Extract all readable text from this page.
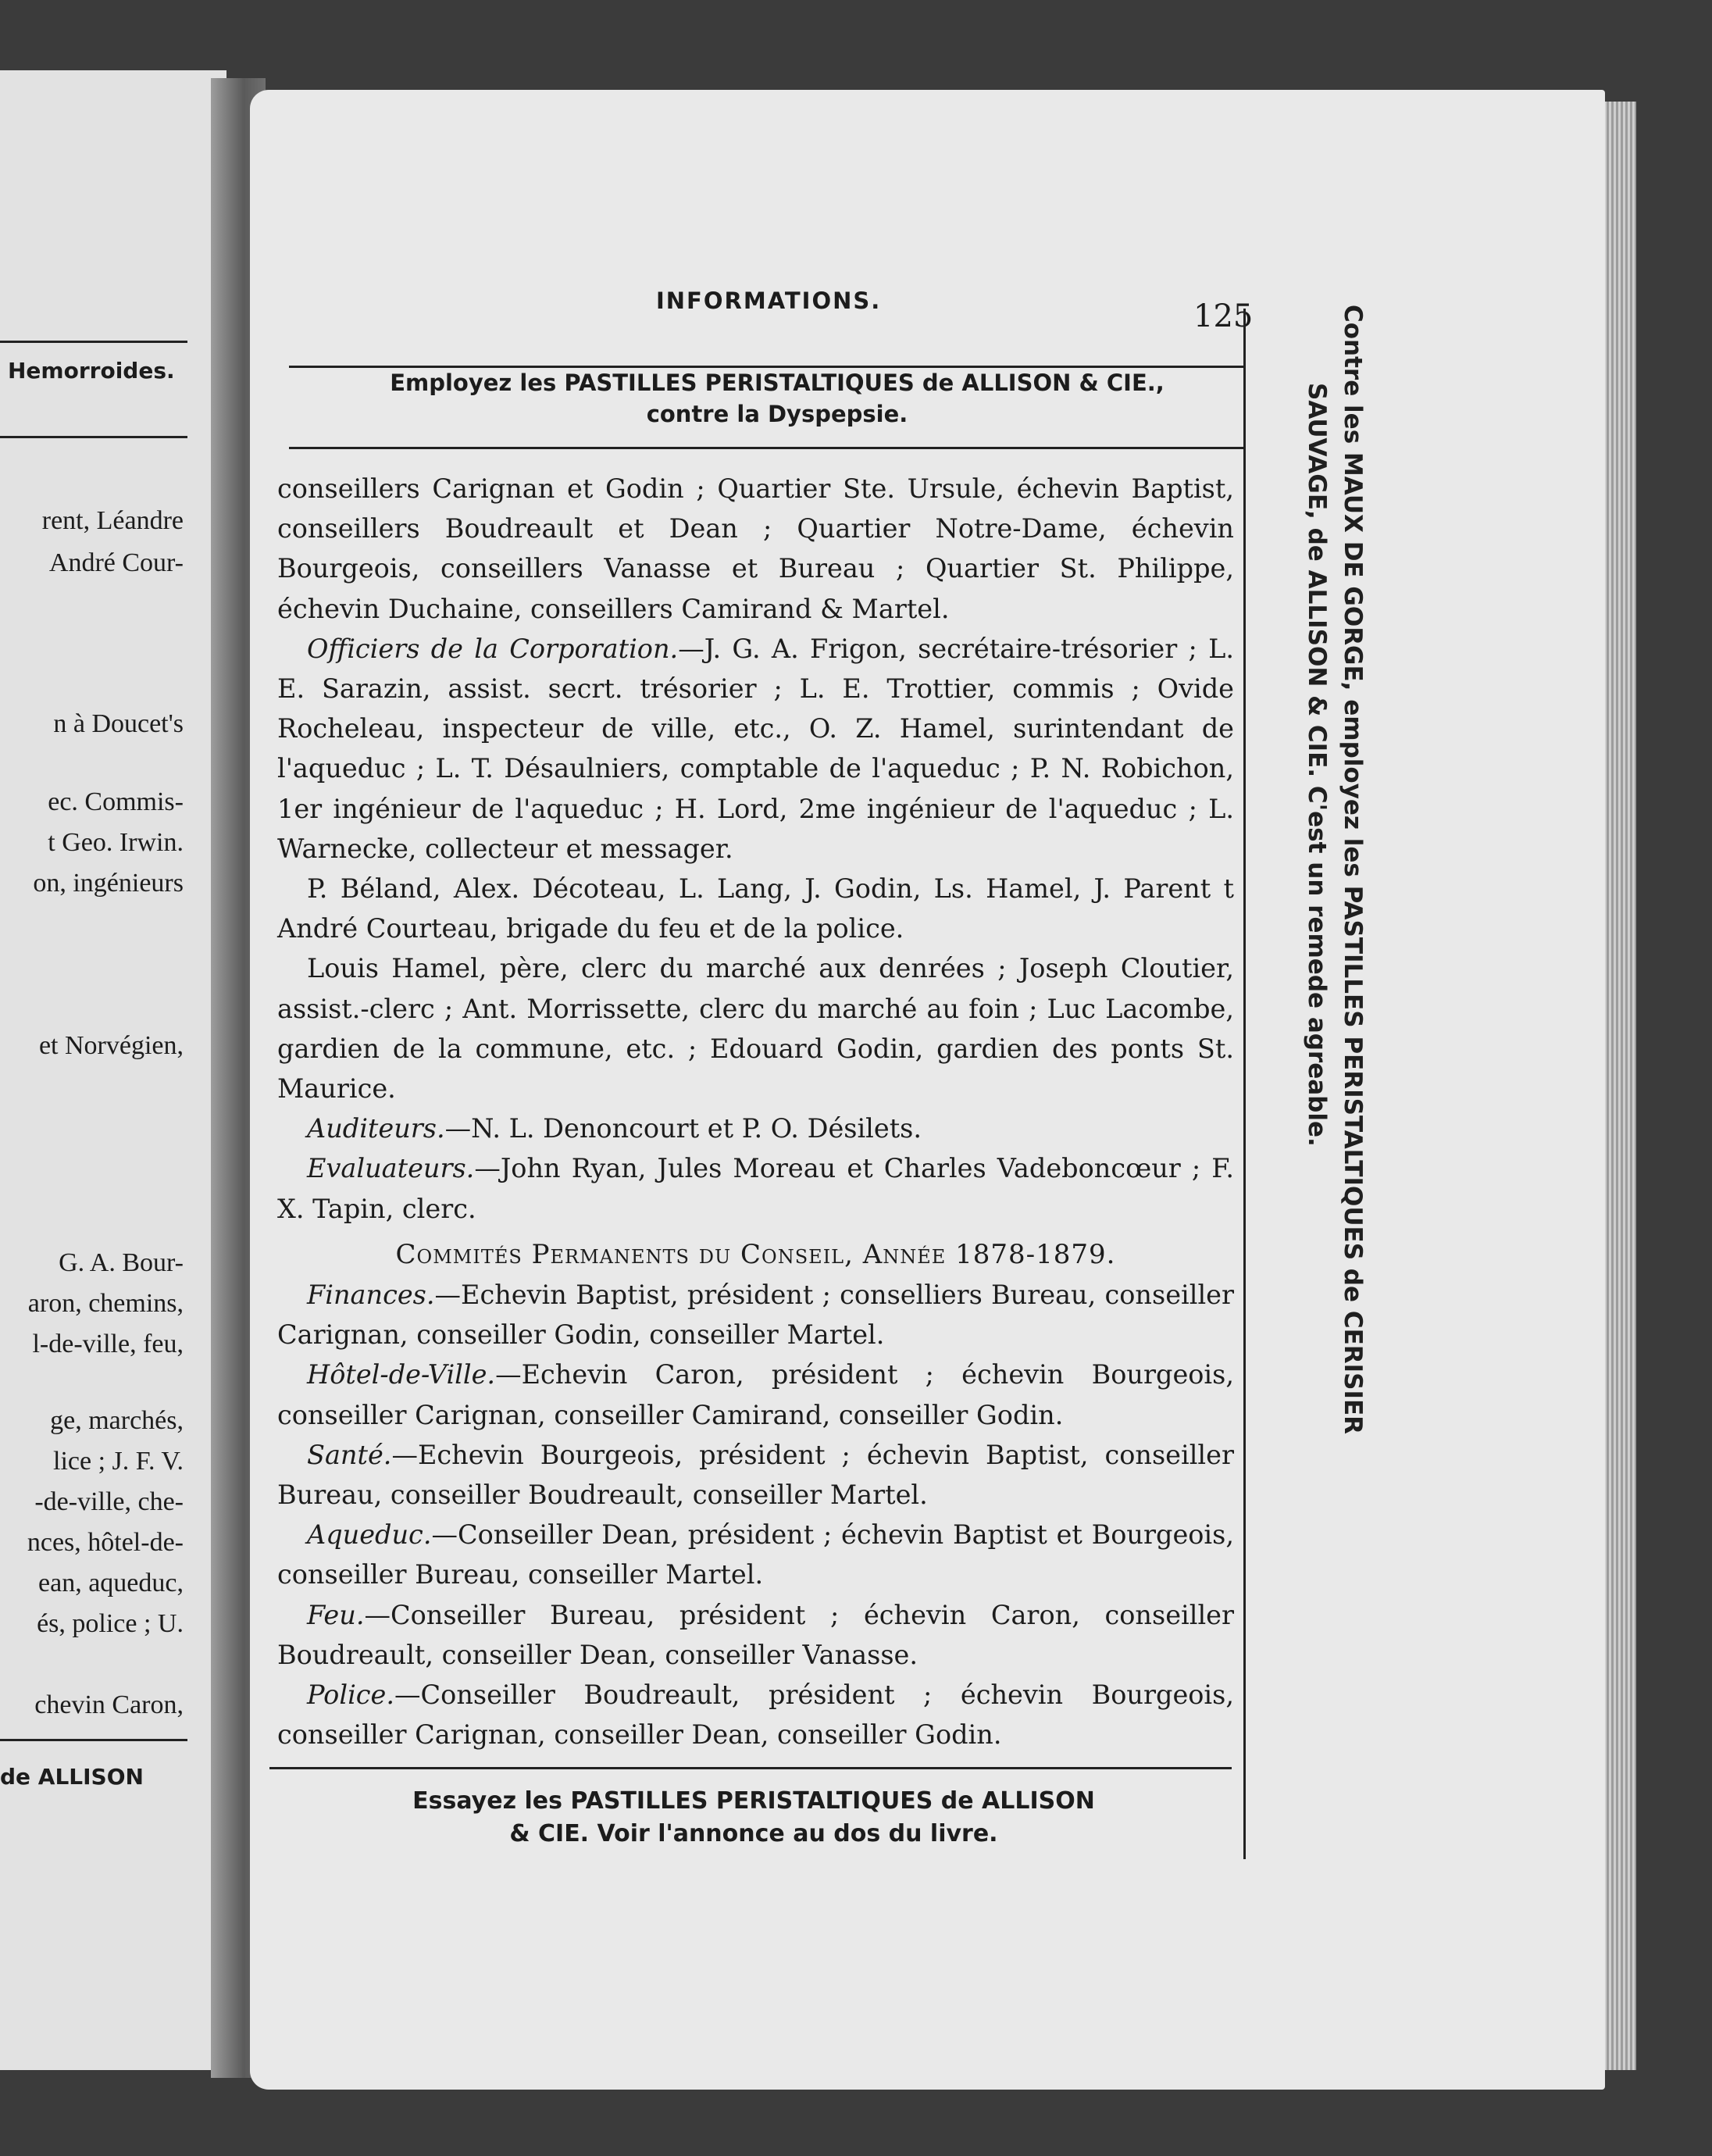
Hemorroides.
rent, Léandre
André Cour-
n à Doucet's
ec. Commis-
t Geo. Irwin.
on, ingénieurs
et Norvégien,
G. A. Bour-
aron, chemins,
l-de-ville, feu,
ge, marchés,
lice ; J. F. V.
-de-ville, che-
nces, hôtel-de-
ean, aqueduc,
és, police ; U.
chevin Caron,
de ALLISON
INFORMATIONS.	125
Employez les PASTILLES PERISTALTIQUES de ALLISON & CIE.,
contre la Dyspepsie.

conseillers Carignan et Godin ; Quartier Ste. Ursule, échevin Baptist, conseillers Boudreault et Dean ; Quartier Notre-Dame, échevin Bourgeois, conseillers Vanasse et Bureau ; Quartier St. Philippe, échevin Duchaine, conseillers Camirand & Martel.

Officiers de la Corporation.—J. G. A. Frigon, secrétaire-trésorier ; L. E. Sarazin, assist. secrt. trésorier ; L. E. Trottier, commis ; Ovide Rocheleau, inspecteur de ville, etc., O. Z. Hamel, surintendant de l'aqueduc ; L. T. Désaulniers, comptable de l'aqueduc ; P. N. Robichon, 1er ingénieur de l'aqueduc ; H. Lord, 2me ingénieur de l'aqueduc ; L. Warnecke, collecteur et messager.

P. Béland, Alex. Décoteau, L. Lang, J. Godin, Ls. Hamel, J. Parent t André Courteau, brigade du feu et de la police.

Louis Hamel, père, clerc du marché aux denrées ; Joseph Cloutier, assist.-clerc ; Ant. Morrissette, clerc du marché au foin ; Luc Lacombe, gardien de la commune, etc. ; Edouard Godin, gardien des ponts St. Maurice.

Auditeurs.—N. L. Denoncourt et P. O. Désilets.

Evaluateurs.—John Ryan, Jules Moreau et Charles Vadeboncœur ; F. X. Tapin, clerc.

Commités Permanents du Conseil, Année 1878-1879.

Finances.—Echevin Baptist, président ; conselliers Bureau, conseiller Carignan, conseiller Godin, conseiller Martel.

Hôtel-de-Ville.—Echevin Caron, président ; échevin Bourgeois, conseiller Carignan, conseiller Camirand, conseiller Godin.

Santé.—Echevin Bourgeois, président ; échevin Baptist, conseiller Bureau, conseiller Boudreault, conseiller Martel.

Aqueduc.—Conseiller Dean, président ; échevin Baptist et Bourgeois, conseiller Bureau, conseiller Martel.

Feu.—Conseiller Bureau, président ; échevin Caron, conseiller Boudreault, conseiller Dean, conseiller Vanasse.

Police.—Conseiller Boudreault, président ; échevin Bourgeois, conseiller Carignan, conseiller Dean, conseiller Godin.

Essayez les PASTILLES PERISTALTIQUES de ALLISON
& CIE. Voir l'annonce au dos du livre.
Contre les MAUX DE GORGE, employez les PASTILLES PERISTALTIQUES de CERISIER
SAUVAGE, de ALLISON & CIE. C'est un remede agreable.
